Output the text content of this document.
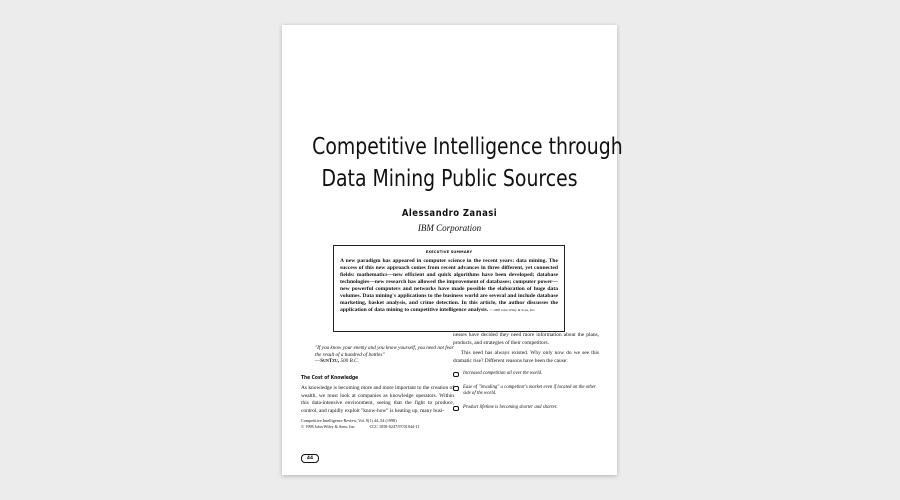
Competitive Intelligence through
Data Mining Public Sources
Alessandro Zanasi
IBM Corporation
EXECUTIVE SUMMARY
A new paradigm has appeared in computer science in the recent years: data mining. The success of this new approach comes from recent advances in three different, yet connected fields: mathematics—new efficient and quick algorithms have been developed; database technologies—new research has allowed the improvement of databases; computer power—new powerful computers and networks have made possible the elaboration of huge data volumes. Data mining's applications to the business world are several and include database marketing, basket analysis, and crime detection. In this article, the author discusses the application of data mining to competitive intelligence analysis. © 1998 John Wiley & Sons, Inc.
"If you know your enemy and you know yourself, you need not fear the result of a hundred of battles"
—SunTzu, 500 B.C.
The Cost of Knowledge
As knowledge is becoming more and more important to the creation of wealth, we must look at companies as knowledge operators. Within this data-intensive environment, seeing that the fight to produce, control, and rapidly exploit "know-how" is heating up, many busi-
Competitive Intelligence Review, Vol. 9(1) 44–54 (1998)
© 1998 John Wiley & Sons, Inc.	CCC 1058-0247/97/01044-11
44
nesses have decided they need more information about the plans, products, and strategies of their competitors.
This need has always existed. Why only now do we see this dramatic rise? Different reasons have been the cause:
Increased competition all over the world.
Ease of "invading" a competitor's market even if located on the other side of the world.
Product lifetime is becoming shorter and shorter.
